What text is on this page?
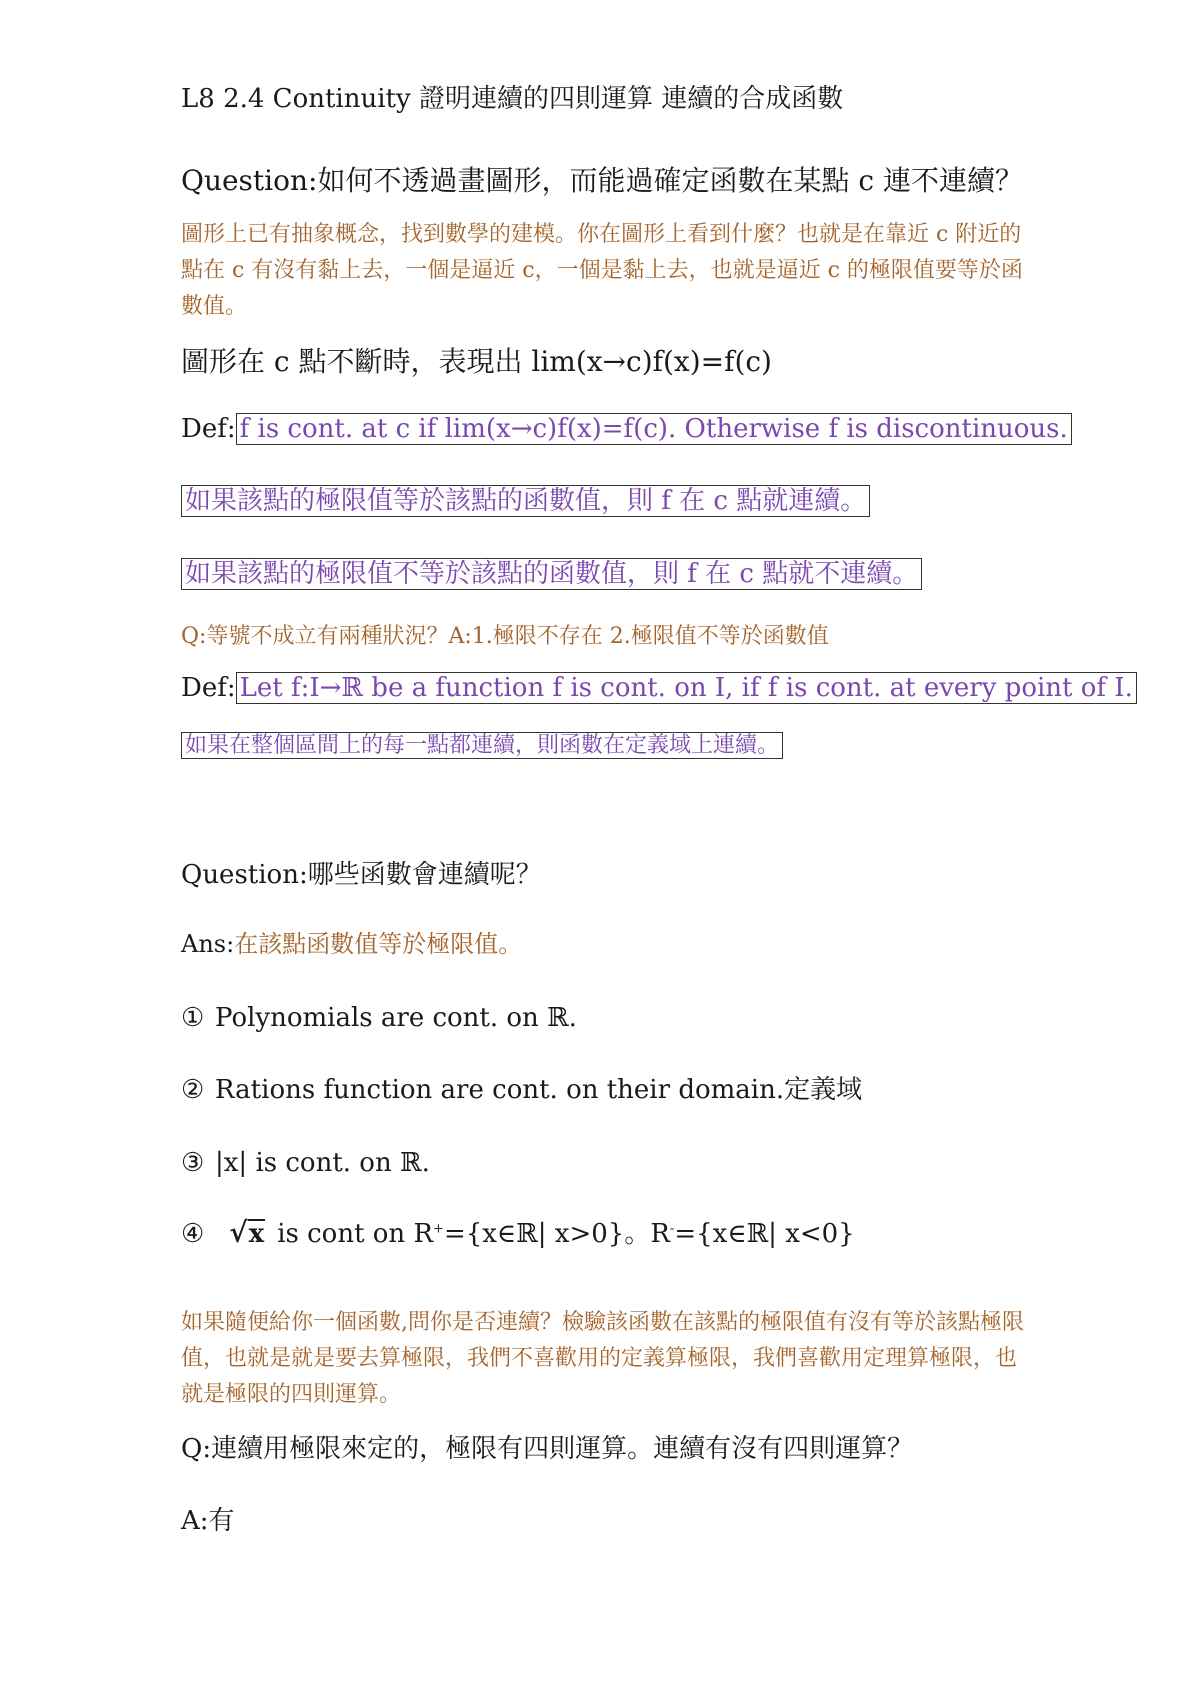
L8 2.4 Continuity 證明連續的四則運算 連續的合成函數
Question:如何不透過畫圖形，而能過確定函數在某點 c 連不連續？
圖形上已有抽象概念，找到數學的建模。你在圖形上看到什麼？也就是在靠近 c 附近的點在 c 有沒有黏上去，一個是逼近 c，一個是黏上去，也就是逼近 c 的極限值要等於函數值。
圖形在 c 點不斷時，表現出 lim(x→c)f(x)=f(c)
Def: f is cont. at c if lim(x→c)f(x)=f(c). Otherwise f is discontinuous.
如果該點的極限值等於該點的函數值，則 f 在 c 點就連續。
如果該點的極限值不等於該點的函數值，則 f 在 c 點就不連續。
Q:等號不成立有兩種狀況？A:1.極限不存在 2.極限值不等於函數值
Def: Let f:I→ℝ be a function f is cont. on I, if f is cont. at every point of I.
如果在整個區間上的每一點都連續，則函數在定義域上連續。
Question:哪些函數會連續呢？
Ans:在該點函數值等於極限值。
① Polynomials are cont. on ℝ.
② Rations function are cont. on their domain.定義域
③ |x| is cont. on ℝ.
④ √ x is cont on R+={x∈ℝ| x>0}。R-={x∈ℝ| x<0}
如果隨便給你一個函數,問你是否連續？檢驗該函數在該點的極限值有沒有等於該點極限值，也就是就是要去算極限，我們不喜歡用的定義算極限，我們喜歡用定理算極限，也就是極限的四則運算。
Q:連續用極限來定的，極限有四則運算。連續有沒有四則運算？
A:有
